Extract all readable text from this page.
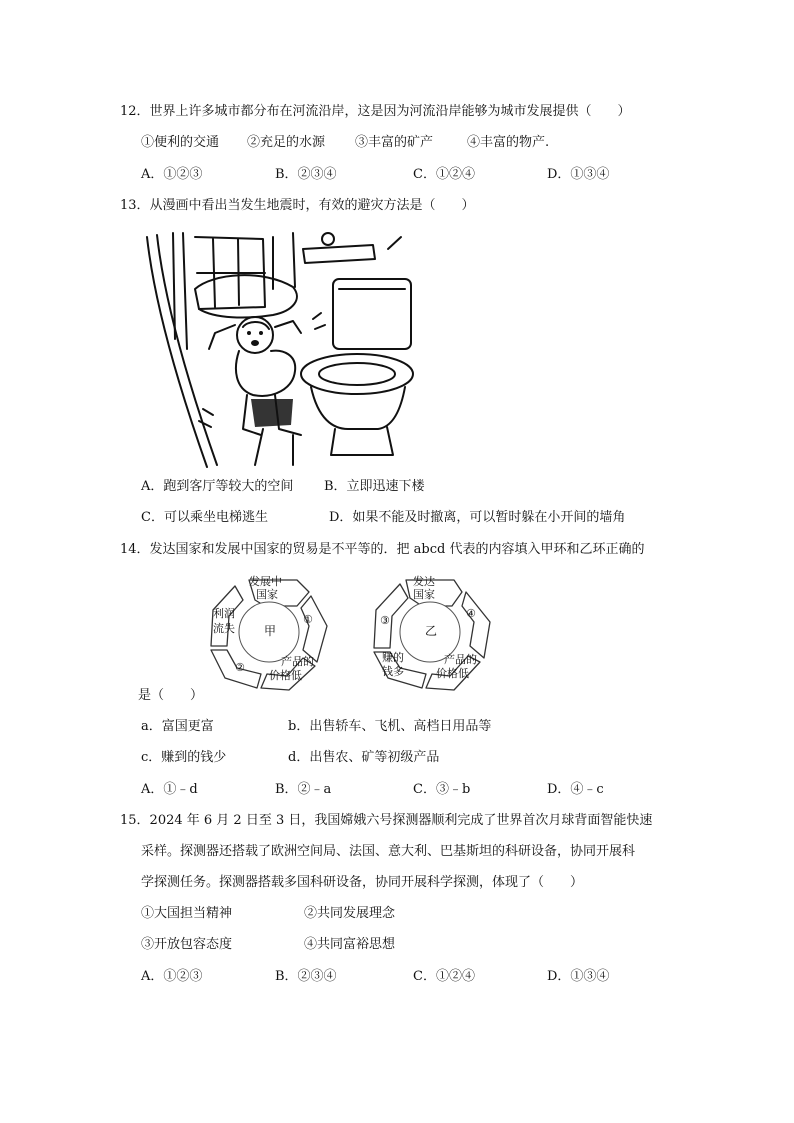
12．世界上许多城市都分布在河流沿岸，这是因为河流沿岸能够为城市发展提供（　　）
①便利的交通 ②充足的水源 ③丰富的矿产	④丰富的物产.
A．①②③	B．②③④	C．①②④	D．①③④
13．从漫画中看出当发生地震时，有效的避灾方法是（　　）
A．跑到客厅等较大的空间 B．立即迅速下楼
C．可以乘坐电梯逃生	D．如果不能及时撤离，可以暂时躲在小开间的墙角
14．发达国家和发展中国家的贸易是不平等的．把 abcd 代表的内容填入甲环和乙环正确的
发展中
国家
①
产品的
价格低
②
利润
流失 甲
发达
国家
④
产品的
价格低
赚的
钱多
③
乙
是（　　）
a．富国更富	b．出售轿车、飞机、高档日用品等
c．赚到的钱少	d．出售农、矿等初级产品
A．①﹣d	B．②﹣a	C．③﹣b	D．④﹣c
15．2024 年 6 月 2 日至 3 日，我国嫦娥六号探测器顺利完成了世界首次月球背面智能快速
采样。探测器还搭载了欧洲空间局、法国、意大利、巴基斯坦的科研设备，协同开展科
学探测任务。探测器搭载多国科研设备，协同开展科学探测，体现了（　　）
①大国担当精神	②共同发展理念
③开放包容态度	④共同富裕思想
A．①②③	B．②③④	C．①②④	D．①③④
